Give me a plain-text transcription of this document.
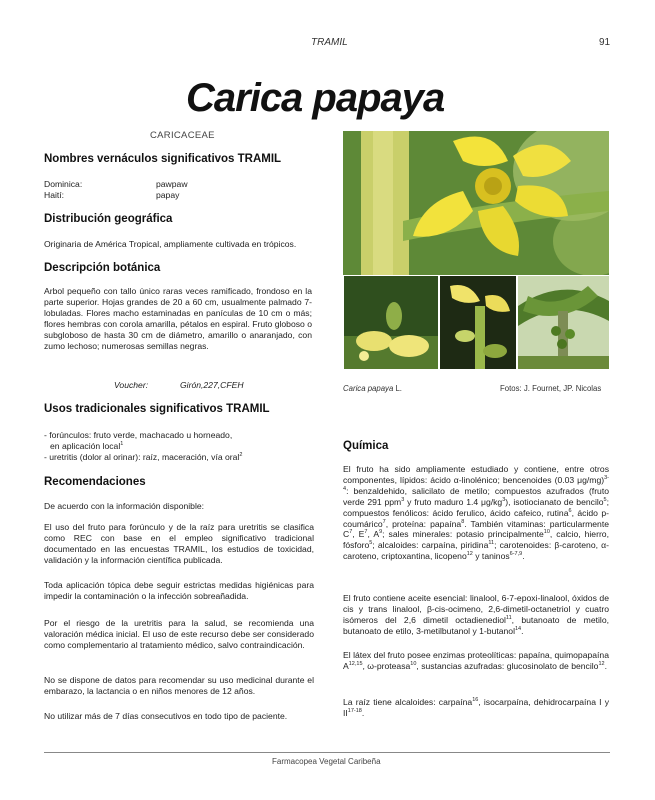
TRAMIL	91
Carica papaya
CARICACEAE
Nombres vernáculos significativos TRAMIL
Dominica:	pawpaw
Haití:	papay
Distribución geográfica
Originaria de América Tropical, ampliamente cultivada en trópicos.
Descripción botánica

Arbol pequeño con tallo único raras veces ramificado, frondoso en la parte superior. Hojas grandes de 20 a 60 cm, usualmente palmado 7-lobuladas. Flores macho estaminadas en panículas de 10 cm o más; flores hembras con corola amarilla, pétalos en espiral. Fruto globoso o subgloboso de hasta 30 cm de diámetro, amarillo o anaranjado, con zumo lechoso; numerosas semillas negras.

Voucher:	Girón,227,CFEH
Usos tradicionales significativos TRAMIL
- forúnculos: fruto verde, machacado u horneado,
en aplicación local$^1$
- uretritis (dolor al orinar): raíz, maceración, vía oral$^2$
Recomendaciones

De acuerdo con la información disponible:

El uso del fruto para forúnculo y de la raíz para uretritis se clasifica como REC con base en el empleo significativo tradicional documentado en las encuestas TRAMIL, los estudios de toxicidad, validación y la información científica publicada.

Toda aplicación tópica debe seguir estrictas medidas higiénicas para impedir la contaminación o la infección sobreañadida.

Por el riesgo de la uretritis para la salud, se recomienda una valoración médica inicial. El uso de este recurso debe ser considerado como complementario al tratamiento médico, salvo contraindicación.

No se dispone de datos para recomendar su uso medicinal durante el embarazo, la lactancia o en niños menores de 12 años.

No utilizar más de 7 días consecutivos en todo tipo de paciente.

Carica papaya L.	Fotos: J. Fournet, JP. Nicolas
Química

El fruto ha sido ampliamente estudiado y contiene, entre otros componentes, lípidos: ácido α-linolénico; bencenoides (0.03 μg/mg)$^{3-4}$: benzaldehido, salicilato de metilo; compuestos azufrados (fruto verde 291 ppm$^3$ y fruto maduro 1.4 $\mu g/kg^3$), isotiocianato de bencilo$^5$; compuestos fenólicos: ácido ferulico, ácido cafeico, rutina$^6$, ácido p-coumárico$^7$, proteína: papaína$^8$. También vitaminas: particularmente $C^7$, $E^7$, $A^9$; sales minerales: potasio principalmente$^{10}$, calcio, hierro, fósforo$^5$; alcaloides: carpaína, piridina$^{11}$; carotenoides: β-caroteno, α-caroteno, criptoxantina, licopeno$^{12}$ y taninos$^{6-7,9}$.

El fruto contiene aceite esencial: linalool, 6-7-epoxi-linalool, óxidos de cis y trans linalool, β-cis-ocimeno, 2,6-dimetil-octanetriol y cuatro isómeros del 2,6 dimetil octadienediol$^{11}$, butanoato de metilo, butanoato de etilo, 3-metilbutanol y 1-butanol$^{14}$.

El látex del fruto posee enzimas proteolíticas: papaína, quimopapaína A$^{12,15}$, ω-proteasa$^{10}$, sustancias azufradas: glucosinolato de bencilo$^{12}$.

La raíz tiene alcaloides: carpaína$^{16}$, isocarpaína, dehidrocarpaína I y II$^{17-18}$.

Farmacopea Vegetal Caribeña
